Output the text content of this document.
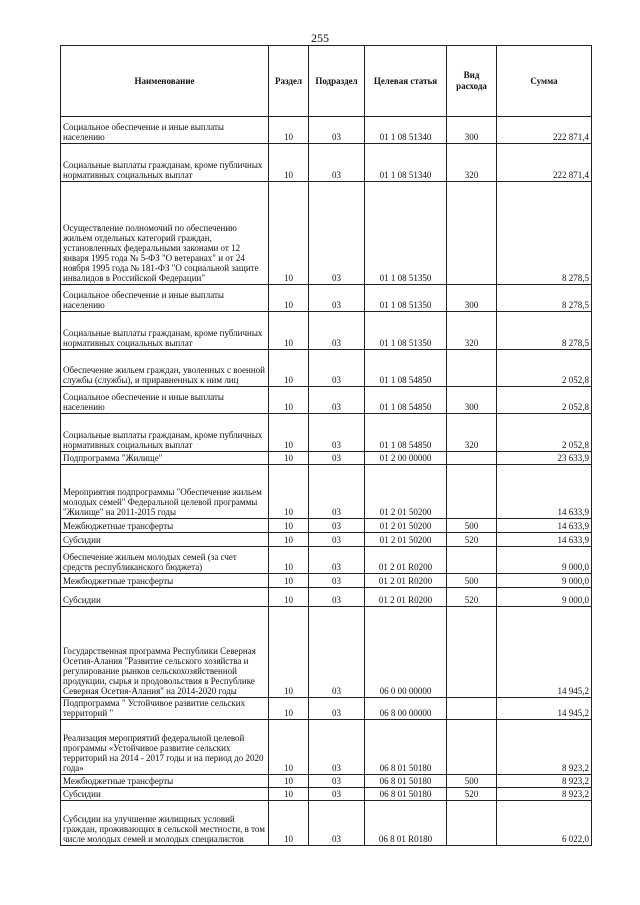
255
Наименование	Раздел	Подраздел	Целевая статья	Вид расхода	Сумма
Социальное обеспечение и иные выплаты населению	10	03	01 1 08 51340	300	222 871,4
Социальные выплаты гражданам, кроме публичных нормативных социальных выплат	10	03	01 1 08 51340	320	222 871,4
Осуществление полномочий по обеспечению жильем отдельных категорий граждан, установленных федеральными законами от 12 января 1995 года № 5-ФЗ "О ветеранах" и от 24 ноября 1995 года № 181-ФЗ "О социальной защите инвалидов в Российской Федерации"	10	03	01 1 08 51350		8 278,5
Социальное обеспечение и иные выплаты населению	10	03	01 1 08 51350	300	8 278,5
Социальные выплаты гражданам, кроме публичных нормативных социальных выплат	10	03	01 1 08 51350	320	8 278,5
Обеспечение жильем граждан, уволенных с военной службы (службы), и приравненных к ним лиц	10	03	01 1 08 54850		2 052,8
Социальное обеспечение и иные выплаты населению	10	03	01 1 08 54850	300	2 052,8
Социальные выплаты гражданам, кроме публичных нормативных социальных выплат	10	03	01 1 08 54850	320	2 052,8
Подпрограмма "Жилище"	10	03	01 2 00 00000		23 633,9
Мероприятия подпрограммы "Обеспечение жильем молодых семей" Федеральной целевой программы "Жилище" на 2011-2015 годы	10	03	01 2 01 50200		14 633,9
Межбюджетные трансферты	10	03	01 2 01 50200	500	14 633,9
Субсидии	10	03	01 2 01 50200	520	14 633,9
Обеспечение жильем молодых семей (за счет средств республиканского бюджета)	10	03	01 2 01 R0200		9 000,0
Межбюджетные трансферты	10	03	01 2 01 R0200	500	9 000,0
Субсидии	10	03	01 2 01 R0200	520	9 000,0
Государственная программа Республики Северная Осетия-Алания "Развитие сельского хозяйства и регулирование рынков сельскохозяйственной продукции, сырья и продовольствия в Республике Северная Осетия-Алания" на 2014-2020 годы	10	03	06 0 00 00000		14 945,2
Подпрограмма " Устойчивое развитие сельских территорий "	10	03	06 8 00 00000		14 945,2
Реализация мероприятий федеральной целевой программы «Устойчивое развитие сельских территорий на 2014 - 2017 годы и на период до 2020 года»	10	03	06 8 01 50180		8 923,2
Межбюджетные трансферты	10	03	06 8 01 50180	500	8 923,2
Субсидии	10	03	06 8 01 50180	520	8 923,2
Субсидии на улучшение жилищных условий граждан, проживающих в сельской местности, в том числе молодых семей и молодых специалистов	10	03	06 8 01 R0180		6 022,0
